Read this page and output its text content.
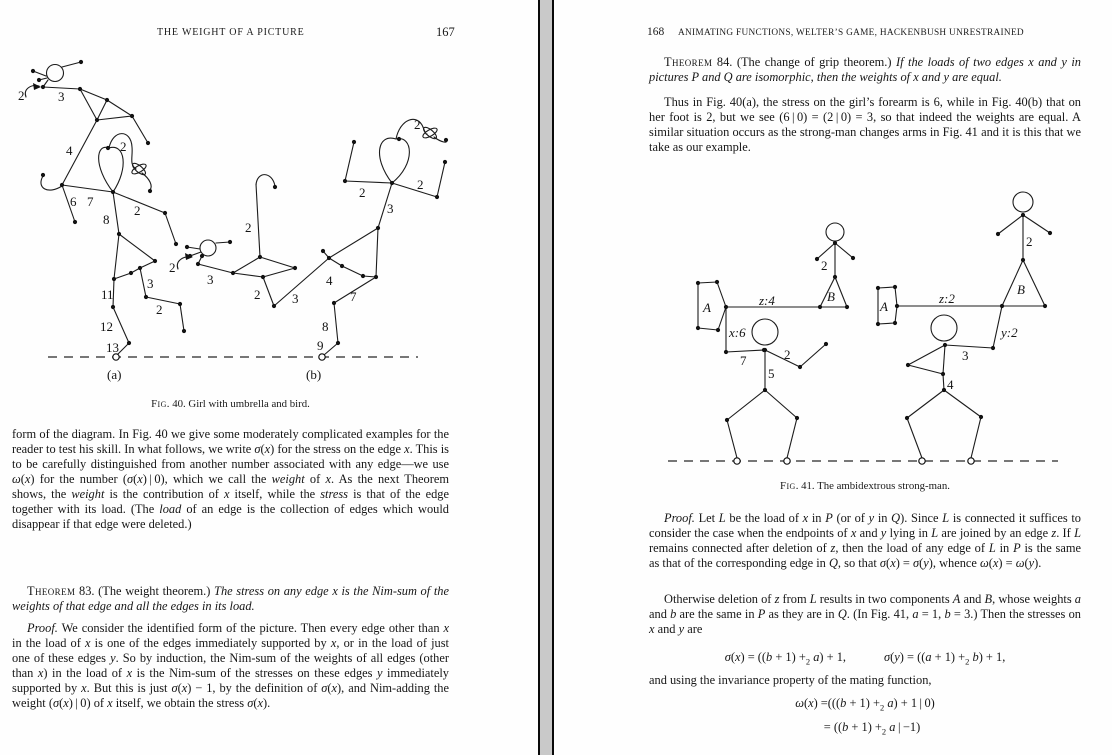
THE WEIGHT OF A PICTURE	167
2	3
4
6 7
8
2
2
11
3
2
12
13
(a)
2
2
2
3
2
3
2
2 3
4
7
8
9
(b)
Fig. 40. Girl with umbrella and bird.

form of the diagram. In Fig. 40 we give some moderately complicated examples for the reader to test his skill. In what follows, we write σ(x) for the stress on the edge x. This is to be carefully distinguished from another number associated with any edge—we use ω(x) for the number (σ(x) | 0), which we call the weight of x. As the next Theorem shows, the weight is the contribution of x itself, while the stress is that of the edge together with its load. (The load of an edge is the collection of edges which would disappear if that edge were deleted.)

Theorem 83. (The weight theorem.) The stress on any edge x is the Nim-sum of the weights of that edge and all the edges in its load.

Proof. We consider the identified form of the picture. Then every edge other than x in the load of x is one of the edges immediately supported by x, or in the load of just one of these edges y. So by induction, the Nim-sum of the weights of all edges (other than x) in the load of x is the Nim-sum of the stresses on these edges y immediately supported by x. But this is just σ(x) − 1, by the definition of σ(x), and Nim-adding the weight (σ(x) | 0) of x itself, we obtain the stress σ(x).

168 ANIMATING FUNCTIONS, WELTER’S GAME, HACKENBUSH UNRESTRAINED

Theorem 84. (The change of grip theorem.) If the loads of two edges x and y in pictures P and Q are isomorphic, then the weights of x and y are equal.

Thus in Fig. 40(a), the stress on the girl’s forearm is 6, while in Fig. 40(b) that on her foot is 2, but we see (6 | 0) = (2 | 0) = 3, so that indeed the weights are equal. A similar situation occurs as the strong-man changes arms in Fig. 41 and it is this that we take as our example.

A	z:4	B
2
x:6
7	2
5
A
z:2
B
2
y:2
3
4
Fig. 41. The ambidextrous strong-man.

Proof. Let L be the load of x in P (or of y in Q). Since L is connected it suffices to consider the case when the endpoints of x and y lying in L are joined by an edge z. If L remains connected after deletion of z, then the load of any edge of L in P is the same as that of the corresponding edge in Q, so that σ(x) = σ(y), whence ω(x) = ω(y).

Otherwise deletion of z from L results in two components A and B, whose weights a and b are the same in P as they are in Q. (In Fig. 41, a = 1, b = 3.) Then the stresses on x and y are

$\sigma(x) = ((b + 1) +_2$ a) + 1,	$\sigma(y) = ((a + 1) +_2$ b) + 1,

and using the invariance property of the mating function,

$\omega(x) =(((b + 1) +_2$ a) + 1 | 0)
= ($(b + 1) +_2$ a | −1)
